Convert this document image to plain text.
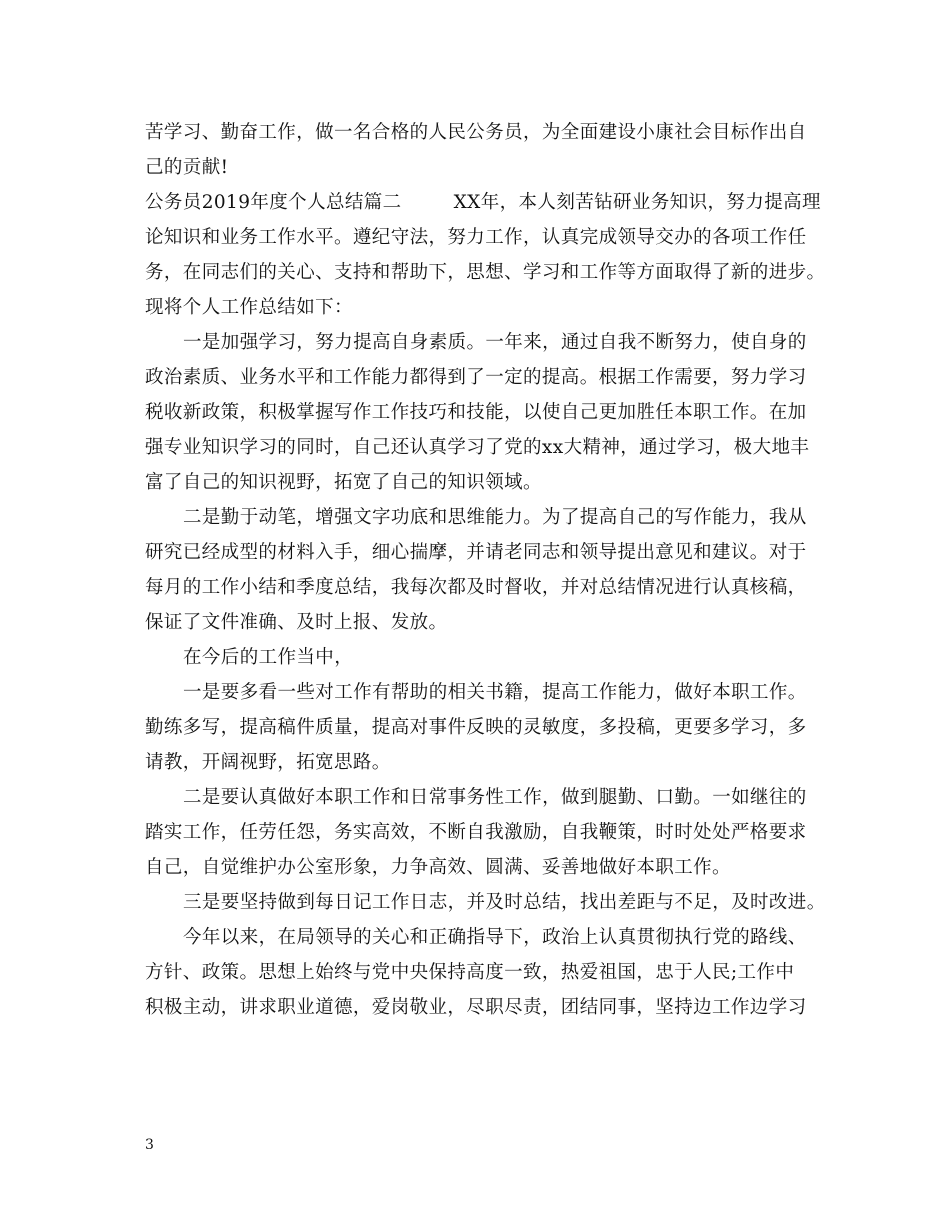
苦学习、勤奋工作，做一名合格的人民公务员，为全面建设小康社会目标作出自
己的贡献!
公务员2019年度个人总结篇二	XX年，本人刻苦钻研业务知识，努力提高理
论知识和业务工作水平。遵纪守法，努力工作，认真完成领导交办的各项工作任
务，在同志们的关心、支持和帮助下，思想、学习和工作等方面取得了新的进步。
现将个人工作总结如下：
一是加强学习，努力提高自身素质。一年来，通过自我不断努力，使自身的
政治素质、业务水平和工作能力都得到了一定的提高。根据工作需要，努力学习
税收新政策，积极掌握写作工作技巧和技能，以使自己更加胜任本职工作。在加
强专业知识学习的同时，自己还认真学习了党的xx大精神，通过学习，极大地丰
富了自己的知识视野，拓宽了自己的知识领域。
二是勤于动笔，增强文字功底和思维能力。为了提高自己的写作能力，我从
研究已经成型的材料入手，细心揣摩，并请老同志和领导提出意见和建议。对于
每月的工作小结和季度总结，我每次都及时督收，并对总结情况进行认真核稿，
保证了文件准确、及时上报、发放。
在今后的工作当中，
一是要多看一些对工作有帮助的相关书籍，提高工作能力，做好本职工作。
勤练多写，提高稿件质量，提高对事件反映的灵敏度，多投稿，更要多学习，多
请教，开阔视野，拓宽思路。
二是要认真做好本职工作和日常事务性工作，做到腿勤、口勤。一如继往的
踏实工作，任劳任怨，务实高效，不断自我激励，自我鞭策，时时处处严格要求
自己，自觉维护办公室形象，力争高效、圆满、妥善地做好本职工作。
三是要坚持做到每日记工作日志，并及时总结，找出差距与不足，及时改进。
今年以来，在局领导的关心和正确指导下，政治上认真贯彻执行党的路线、
方针、政策。思想上始终与党中央保持高度一致，热爱祖国，忠于人民;工作中
积极主动，讲求职业道德，爱岗敬业，尽职尽责，团结同事，坚持边工作边学习
3
